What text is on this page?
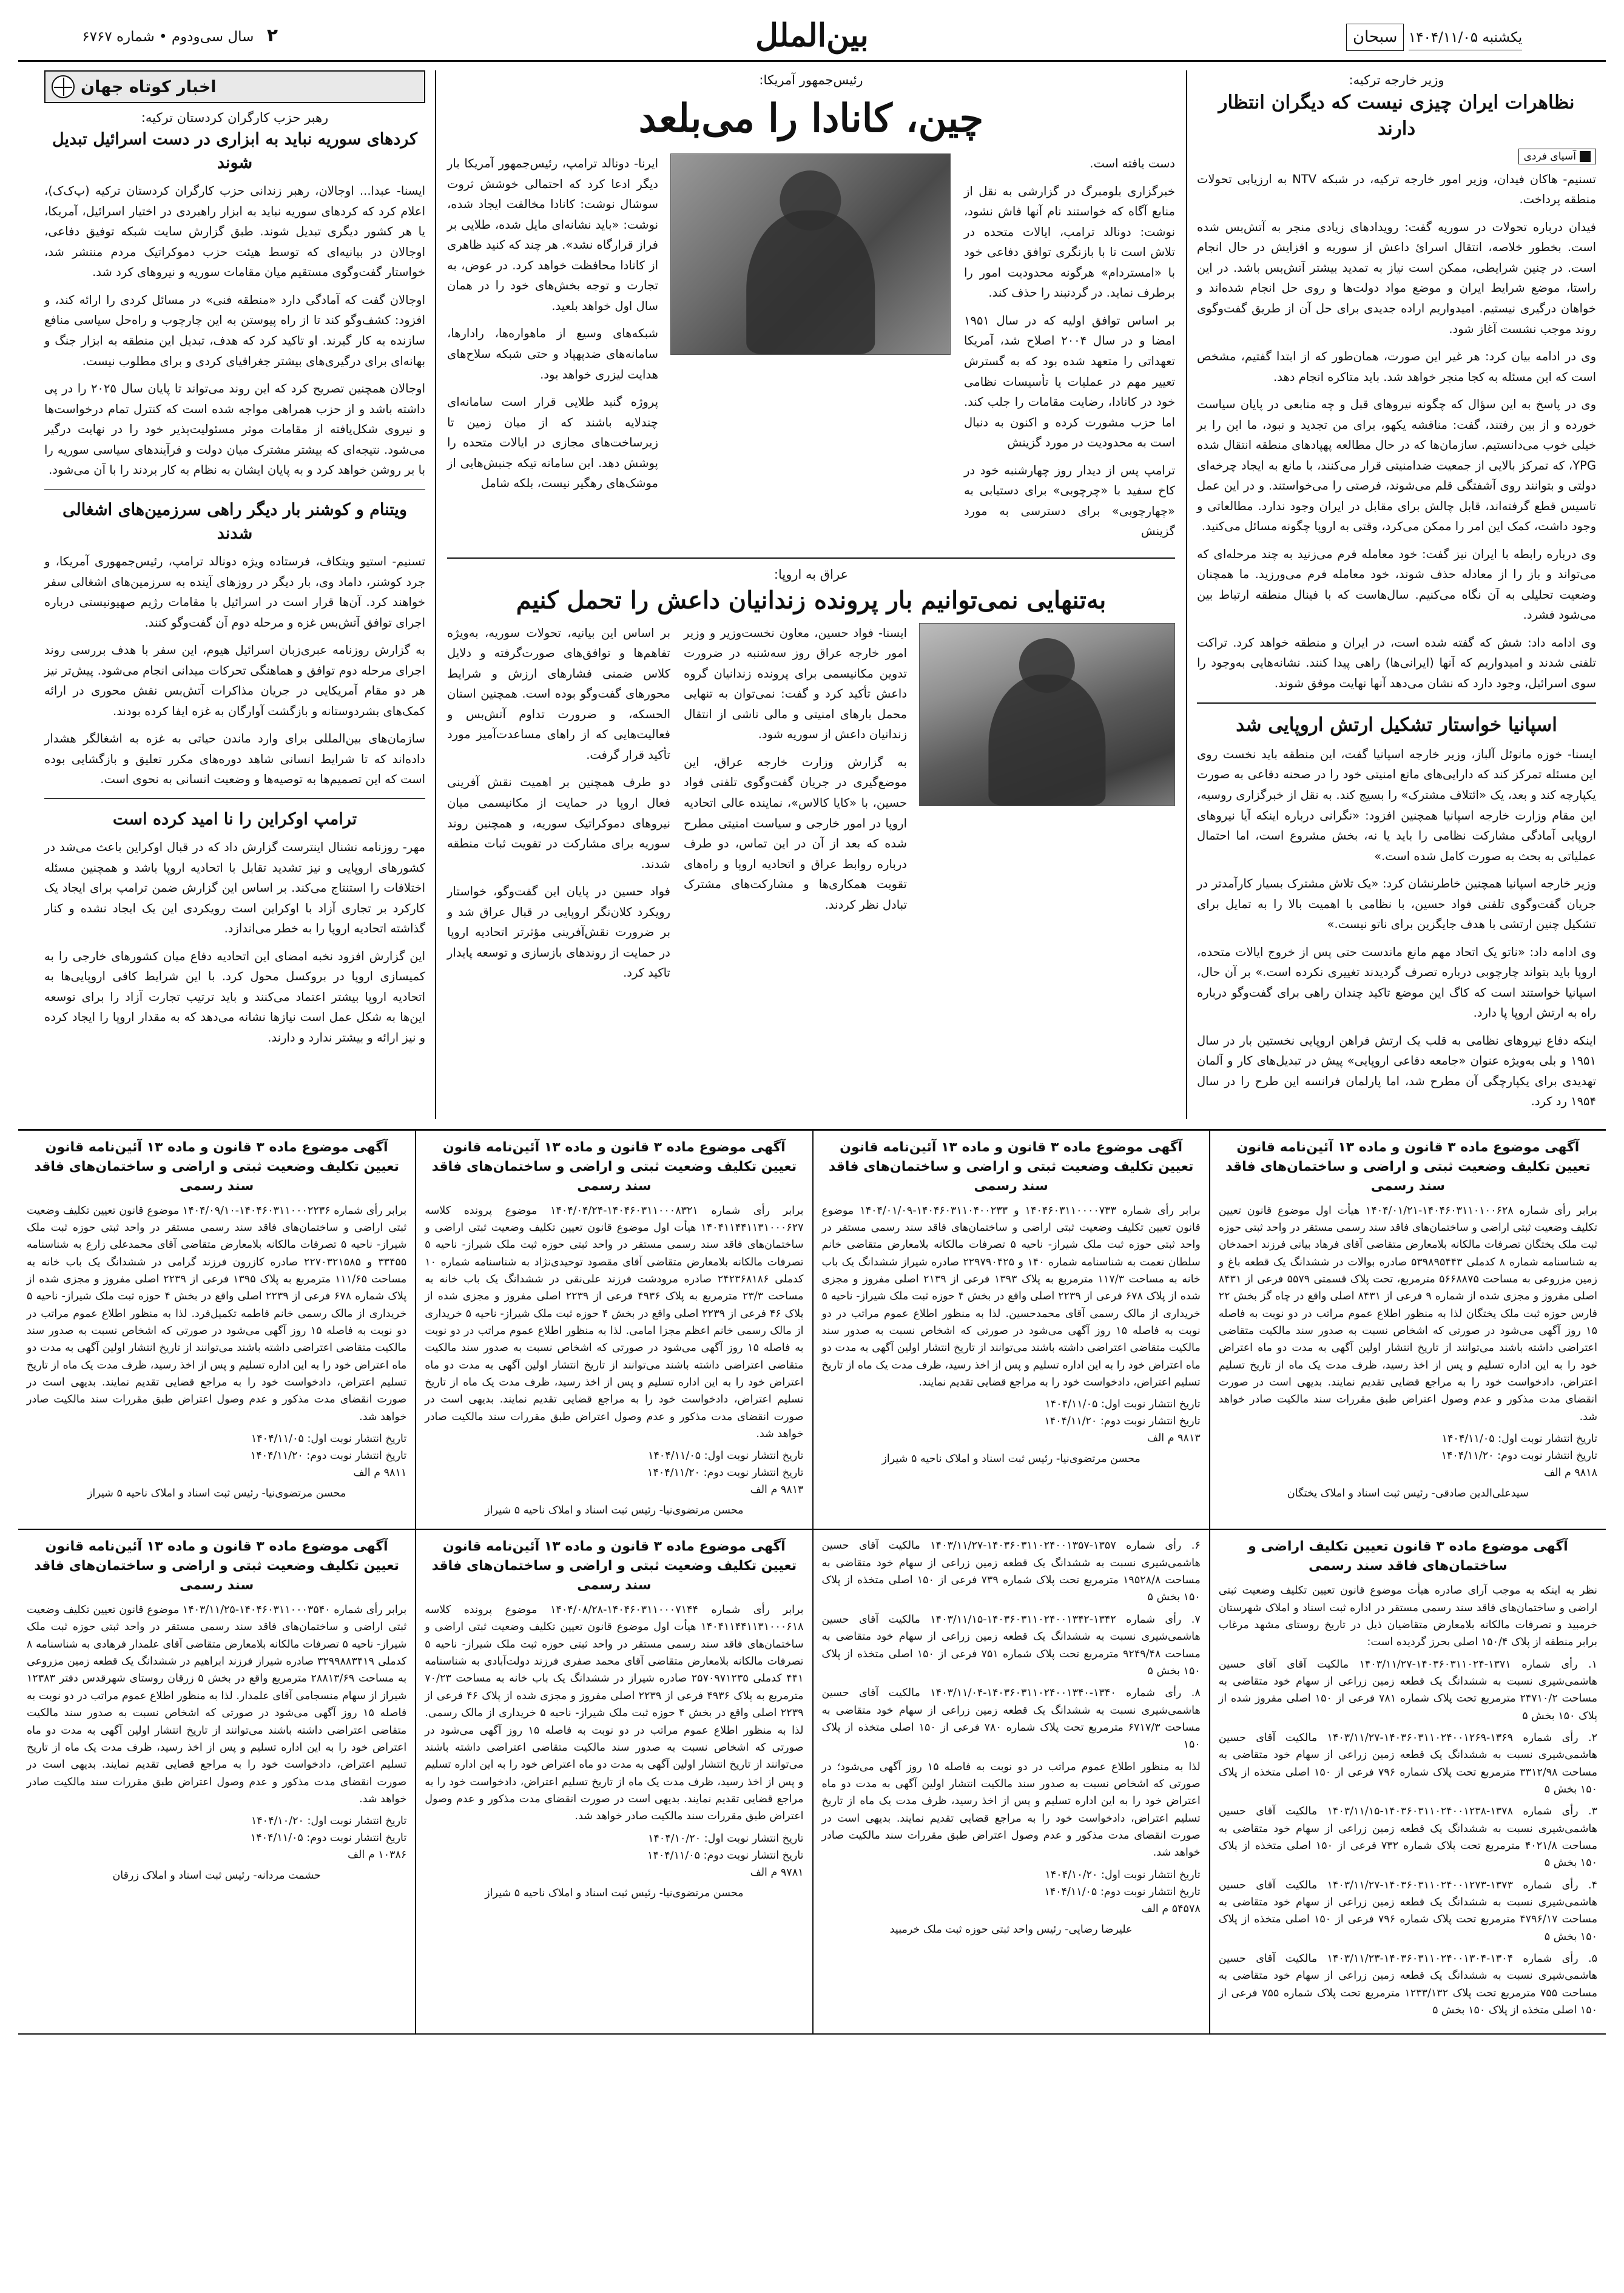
یکشنبه ۱۴۰۴/۱۱/۰۵ سبحان
بین‌الملل
۲ سال سی‌ودوم • شماره ۶۷۶۷
وزیر خارجه ترکیه:
نظاهرات ایران چیزی نیست که دیگران انتظار دارند
آسیای فردی

تسنیم- هاکان فیدان، وزیر امور خارجه ترکیه، در شبکه NTV به ارزیابی تحولات منطقه پرداخت.

فیدان درباره تحولات در سوریه گفت: رویدادهای زیادی منجر به آتش‌بس شده است. بخطور خلاصه، انتقال اسرائ داعش از سوریه و افزایش در حال انجام است. در چنین شرایطی، ممکن است نیاز به تمدید بیشتر آتش‌بس باشد. در این راستا، موضع شرایط ایران و موضع مواد دولت‌ها و روی حل انجام شده‌اند و خواهان درگیری نیستیم. امیدواریم اراده جدیدی برای حل آن از طریق گفت‌وگوی روند موجب نشست آغاز شود.

وی در ادامه بیان کرد: هر غیر این صورت، همان‌طور که از ابتدا گفتیم، مشخص است که این مسئله به کجا منجر خواهد شد. باید متاکره انجام دهد.

وی در پاسخ به این سؤال که چگونه نیروهای قبل و چه منابعی در پایان سیاست خورده و از بین رفتند، گفت: مناقشه یکهو، برای من تجدید و نبود، ما این را بر خیلی خوب می‌دانستیم. سازمان‌ها که در حال مطالعه پهپادهای منطقه انتقال شده YPG، که تمرکز بالایی از جمعیت ضدامنیتی قرار می‌کنند، با مانع‌ به ایجاد چرخه‌ای دولتی و بتوانند روی آشفتگی قلم می‌شوند، فرصتی را می‌خواستند. و در این عمل تاسیس قطع گرفته‌اند، قابل چالش برای مقابل در ایران وجود ندارد. مطالعاتی و وجود داشت، کمک این امر را ممکن می‌کرد، وقتی به اروپا چگونه مسائل می‌کنید.

وی درباره رابطه با ایران نیز گفت: خود معامله فرم می‌زنید به چند مرحله‌ای که می‌تواند و باز را از معادله حذف شوند، خود معامله فرم می‌ورزید. ما همچنان وضعیت تحلیلی به آن نگاه می‌کنیم. سال‌هاست که با فینال منطقه ارتباط بین می‌شود فشرد.

وی ادامه داد: شش که گفته شده است، در ایران و منطقه خواهد کرد. تراکت تلفنی شدند و امیدواریم که آنها (ایرانی‌ها) راهی پیدا کنند. نشانه‌هایی به‌وجود را سوی اسرائیل، وجود دارد که نشان می‌دهد آنها نهایت موفق شوند.

اسپانیا خواستار تشکیل ارتش اروپایی شد

ایسنا- خوزه مانوئل آلباز، وزیر خارجه اسپانیا گفت، این منطقه باید نخست روی این مسئله تمرکز کند که دارایی‌های مانع امنیتی خود را در صحنه دفاعی به صورت یکپارچه کند و بعد، یک «ائتلاف مشترک» را بسیج کند. به نقل از خبرگزاری روسیه، این مقام وزارت خارجه اسپانیا همچنین افزود: «نگرانی درباره اینکه آیا نیروهای اروپایی آمادگی مشارکت نظامی را باید یا نه، بخش مشروع است، اما احتمال عملیاتی به بحث به صورت کامل شده است.»

وزیر خارجه اسپانیا همچنین خاطرنشان کرد: «یک تلاش مشترک بسیار کارآمدتر در جریان گفت‌وگوی تلفنی فواد حسین، با نظامی با اهمیت بالا را به تمایل برای تشکیل چنین ارتشی با هدف جایگزین برای ناتو نیست.»

وی ادامه داد: «ناتو یک اتحاد مهم مانع ماندست حتی پس از خروج ایالات متحده، اروپا باید بتواند چارچوبی درباره تصرف گردیدند تغییری نکرده است.» بر آن حال، اسپانیا خواستند است که کاگ این موضع تاکید چندان راهی برای گفت‌وگو درباره راه به ارتش اروپا پا دارد.

اینکه دفاع نیروهای نظامی به قلب یک ارتش فراهن اروپایی نخستین بار در سال ۱۹۵۱ و بلی به‌ویژه عنوان «جامعه دفاعی اروپایی» پیش در تبدیل‌های کار و آلمان تهدیدی برای یکپارچگی آن مطرح شد، اما پارلمان فرانسه این طرح را در سال ۱۹۵۴ رد کرد.

رئیس‌جمهور آمریکا:
چین، کانادا را می‌بلعد

دست یافته است.

خبرگزاری بلومبرگ در گزارشی به نقل از منابع آگاه که خواستند نام آنها فاش نشود، نوشت: دونالد ترامپ، ایالات متحده در تلاش است تا با بازنگری توافق دفاعی خود با «امستردام» هرگونه محدودیت امور را برطرف نماید. در گردنبند را حذف کند.

بر اساس توافق اولیه که در سال ۱۹۵۱ امضا و در سال ۲۰۰۴ اصلاح شد، آمریکا تعهداتی را متعهد شده‌ بود که به گسترش تعییر مهم در عملیات یا تأسیسات نظامی خود در کانادا، رضایت مقامات را جلب کند. اما حزب مشورت کرده و اکنون به دنبال است به محدودیت در مورد گزینش

ترامپ پس از دیدار روز چهارشنبه خود در کاخ سفید با «چرچوبی» برای دستیابی به «چهارچوبی» برای دسترسی به مورد گزینش

ایرنا- دونالد ترامپ، رئیس‌جمهور آمریکا بار دیگر ادعا کرد که احتمالی خوشش ثروت سوشال نوشت: کانادا مخالفت ایجاد شده، نوشت: «باید نشانه‌ای مایل شده، طلایی بر فراز قرارگاه نشد». هر چند که کنید ظاهری از کانادا محافظت خواهد کرد. در عوض، به تجارت و توجه بخش‌های خود را در همان سال اول خواهد بلعید.

شبکه‌های وسیع از ماهواره‌ها، رادار‌ها، سامانه‌های ضدپهپاد و حتی شبکه سلاح‌های هدایت‌ لیزری خواهد بود.

پروژه گنبد طلایی قرار است سامانه‌ای چندلایه باشند که از میان زمین تا زیرساخت‌های مجازی در ایالات متحده را پوشش دهد. این سامانه تیکه جنبش‌هایی از موشک‌های رهگیر نیست، بلکه شامل

عراق به اروپا:
به‌تنهایی نمی‌توانیم بار پرونده زندانیان داعش را تحمل کنیم

ایسنا- فواد حسین، معاون نخست‌وزیر و وزیر امور خارجه عراق روز سه‌شنبه در ضرورت تدوین مکانیسمی برای پرونده زندانیان گروه داعش تأکید کرد و گفت: نمی‌توان به تنهایی محمل بارهای امنیتی و مالی ناشی از انتقال زندانیان داعش از سوریه شود.

به گزارش وزارت خارجه عراق، این موضع‌گیری در جریان گفت‌وگوی تلفنی فواد حسین، با «کایا کالاس»، نماینده عالی اتحادیه اروپا در امور خارجی و سیاست امنیتی مطرح شده که بعد از آن در این تماس، دو طرف درباره روابط عراق و اتحادیه اروپا و راه‌های تقویت همکاری‌ها و مشارکت‌های مشترک تبادل نظر کردند.

بر اساس این بیانیه، تحولات سوریه، به‌ویژه تفاهم‌ها و توافق‌های صورت‌گرفته و دلایل کلاس ضمنی فشارهای ارزش و شرایط محورهای گفت‌وگو بوده است. همچنین استان الحسکه، و ضرورت تداوم آتش‌بس و فعالیت‌هایی که از راهای مساعدت‌آمیز مورد تأکید قرار گرفت.

دو طرف همچنین بر اهمیت نقش آفرینی فعال اروپا در حمایت از مکانیسمی میان نیروهای دموکراتیک سوریه، و همچنین روند سوریه برای مشارکت در تقویت ثبات منطقه شدند.

فواد حسین در پایان این گفت‌وگو، خواستار رویکرد کلان‌نگر اروپایی در قبال عراق شد و بر ضرورت نقش‌آفرینی مؤثرتر اتحادیه اروپا در حمایت از روندهای بازسازی و توسعه پایدار تاکید کرد.

اخبار کوتاه جهان
رهبر حزب کارگران کردستان ترکیه:
کردهای سوریه نباید به ابزاری در دست اسرائیل تبدیل شوند

ایسنا- عبدا... اوجالان، رهبر زندانی حزب کارگران کردستان ترکیه (پ‌ک‌ک)، اعلام کرد که کردهای سوریه نباید به ابزار راهبردی در اختیار اسرائیل، آمریکا، یا هر کشور دیگری تبدیل شوند. طبق گزارش سایت شبکه توفیق دفاعی، اوجالان در بیانیه‌ای که توسط هیئت حزب دموکراتیک مردم منتشر شد، خواستار گفت‌وگوی مستقیم میان مقامات سوریه و نیروهای کرد شد.

اوجالان گفت که آمادگی دارد «منطقه فنی» در مسائل کردی را ارائه کند، و افزود: کشف‌وگو کند تا از راه پیوستن به این چارچوب و راه‌حل سیاسی منافع سازنده به کار گیرند. او تاکید کرد که هدف، تبدیل این منطقه به ابزار جنگ و بهانه‌ای برای درگیری‌های بیشتر جغرافیای کردی و برای مطلوب نیست.

اوجالان همچنین تصریح کرد که این روند می‌تواند تا پایان سال ۲۰۲۵ را در پی داشته باشد و از حزب همراهی مواجه شده است که کنترل تمام درخواست‌ها و نیروی شکل‌یافته از مقامات موثر مسئولیت‌پذیر خود را در نهایت درگیر می‌شود. نتیجه‌ای که بیشتر مشترک میان دولت و فرآیندهای سیاسی سوریه را با بر روشن خواهد کرد و به پایان ایشان به نظام به کار بردند را با آن می‌شود.

ویتنام و کوشنر بار دیگر راهی سرزمین‌های اشغالی شدند

تسنیم- استیو ویتکاف، فرستاده ویژه دونالد ترامپ، رئیس‌جمهوری آمریکا، و جرد کوشنر، داماد وی، بار دیگر در روزهای آینده به سرزمین‌های اشغالی سفر خواهند کرد. آن‌ها قرار است در اسرائیل با مقامات رژیم صهیونیستی درباره اجرای توافق آتش‌بس غزه و مرحله دوم آن گفت‌وگو کنند.

به گزارش روزنامه عبری‌زبان اسرائیل هیوم، این سفر با هدف بررسی روند اجرای مرحله دوم توافق و هماهنگی تحرکات میدانی انجام می‌شود. پیش‌تر نیز هر دو مقام آمریکایی در جریان مذاکرات آتش‌بس نقش محوری در ارائه کمک‌های بشردوستانه و بازگشت آوارگان به غزه ایفا کرده بودند.

سازمان‌های بین‌المللی برای وارد ماندن حیاتی به غزه به اشغالگر هشدار داده‌اند که تا شرایط انسانی شاهد دوره‌های مکرر تعلیق و بازگشایی بوده است که این تصمیم‌ها به توصیه‌ها و وضعیت انسانی به نحوی است.

ترامپ اوکراین را نا امید کرده است

مهر- روزنامه نشنال اینترست گزارش داد که در قبال اوکراین باعث می‌شد در کشورهای اروپایی و نیز تشدید تقابل با اتحادیه اروپا باشد و همچنین مسئله اختلافات را استنتاج می‌کند. بر اساس این گزارش ضمن ترامپ برای ایجاد یک کارکرد بر تجاری آزاد با اوکراین است رویکردی این یک ایجاد نشده و کنار گذاشته اتحادیه اروپا را به خطر می‌اندازد.

این گزارش افزود نخبه امضای این اتحادیه دفاع میان کشورهای خارجی را به کمیسازی اروپا در بروکسل محول کرد. با این شرایط کافی اروپایی‌ها به اتحادیه اروپا بیشتر اعتماد می‌کنند و باید ترتیب تجارت آزاد را برای توسعه این‌ها به شکل عمل است نیازها نشانه می‌دهد که به مقدار اروپا را ایجاد کرده و نیز ارائه و بیشتر ندارد و دارند.

آگهی موضوع ماده ۳ قانون و ماده ۱۳ آئین‌نامه قانون تعیین تکلیف وضعیت ثبتی و اراضی و ساختمان‌های فاقد سند رسمی

برابر رأی شماره ۱۴۰۴۶۰۳۱۱۰۱۰۰۶۲۸-۱۴۰۴/۰۱/۲۱ هیأت اول موضوع قانون تعیین تکلیف وضعیت ثبتی اراضی و ساختمان‌های فاقد سند رسمی مستقر در واحد ثبتی حوزه ثبت ملک یختگان تصرفات مالکانه بلامعارض متقاضی آقای فرهاد بیانی فرزند احمدخان به شناسنامه شماره ۸ کدملی ۵۳۹۸۹۵۴۴۳ صادره بوالات در ششدانگ یک قطعه باغ و زمین مزروعی به مساحت ۵۶۶۸۸۷۵ مترمربع، تحت پلاک قسمتی ۵۵۷۹ فرعی از ۸۴۳۱ اصلی مفروز و مجزی شده از شماره ۹ فرعی از ۸۴۳۱ اصلی واقع در چاه گز بخش ۲۲ فارس حوزه ثبت ملک یختگان لذا به منظور اطلاع عموم مراتب در دو نوبت به فاصله ۱۵ روز آگهی می‌شود در صورتی که اشخاص نسبت به صدور سند مالکیت متقاضی اعتراضی داشته باشند می‌توانند از تاریخ انتشار اولین آگهی به مدت دو ماه اعتراض خود را به این اداره تسلیم و پس از اخذ رسید، ظرف مدت یک ماه از تاریخ تسلیم اعتراض، دادخواست خود را به مراجع قضایی تقدیم نمایند. بدیهی است در صورت انقضای مدت مذکور و عدم وصول اعتراض طبق مقررات سند مالکیت صادر خواهد شد.

تاریخ انتشار نوبت اول: ۱۴۰۴/۱۱/۰۵
تاریخ انتشار نوبت دوم: ۱۴۰۴/۱۱/۲۰
۹۸۱۸ م الف
سیدعلی‌الدین صادقی- رئیس ثبت اسناد و املاک یختگان
آگهی موضوع ماده ۳ قانون و ماده ۱۳ آئین‌نامه قانون تعیین تکلیف وضعیت ثبتی و اراضی و ساختمان‌های فاقد سند رسمی

برابر رأی شماره ۱۴۰۴۶۰۳۱۱۰۰۰۰۷۳۳ و ۱۴۰۴۶۰۳۱۱۰۴۰۰۲۳۳-۱۴۰۴/۰۱/۰۹ موضوع قانون تعیین تکلیف وضعیت ثبتی اراضی و ساختمان‌های فاقد سند رسمی مستقر در واحد ثبتی حوزه ثبت ملک شیراز- ناحیه ۵ تصرفات مالکانه بلامعارض متقاضی خانم سلطان نعمت به شناسنامه شماره ۱۴۰ و ۲۲۹۷۹۰۴۲۵ صادره شیراز ششدانگ یک باب خانه به مساحت ۱۱۷/۳ مترمربع به پلاک ۱۳۹۳ فرعی از ۲۱۳۹ اصلی مفروز و مجزی شده از پلاک ۶۷۸ فرعی از ۲۲۳۹ اصلی واقع در بخش ۴ حوزه ثبت ملک شیراز- ناحیه ۵ خریداری از مالک رسمی آقای محمدحسین. لذا به منظور اطلاع عموم مراتب در دو نوبت به فاصله ۱۵ روز آگهی می‌شود در صورتی که اشخاص نسبت به صدور سند مالکیت متقاضی اعتراضی داشته باشند می‌توانند از تاریخ انتشار اولین آگهی به مدت دو ماه اعتراض خود را به این اداره تسلیم و پس از اخذ رسید، ظرف مدت یک ماه از تاریخ تسلیم اعتراض، دادخواست خود را به مراجع قضایی تقدیم نمایند.

تاریخ انتشار نوبت اول: ۱۴۰۴/۱۱/۰۵
تاریخ انتشار نوبت دوم: ۱۴۰۴/۱۱/۲۰
۹۸۱۳ م الف
محسن مرتضوی‌نیا- رئیس ثبت اسناد و املاک ناحیه ۵ شیراز
آگهی موضوع ماده ۳ قانون و ماده ۱۳ آئین‌نامه قانون تعیین تکلیف وضعیت ثبتی و اراضی و ساختمان‌های فاقد سند رسمی

برابر رأی شماره ۱۴۰۴۶۰۳۱۱۰۰۰۸۳۲۱-۱۴۰۴/۰۴/۲۴ موضوع پرونده کلاسه ۱۴۰۴۱۱۴۴۱۱۳۱۰۰۰۶۲۷ هیأت اول موضوع قانون تعیین تکلیف وضعیت ثبتی اراضی و ساختمان‌های فاقد سند رسمی مستقر در واحد ثبتی حوزه ثبت ملک شیراز- ناحیه ۵ تصرفات مالکانه بلامعارض متقاضی آقای مقصود توحیدی‌نژاد به شناسنامه شماره ۱۰ کدملی ۲۴۲۳۶۸۱۸۶ صادره مرودشت فرزند علی‌نقی در ششدانگ یک باب خانه به مساحت ۲۳/۳ مترمربع به پلاک ۴۹۳۶ فرعی از ۲۲۳۹ اصلی مفروز و مجزی شده از پلاک ۴۶ فرعی از ۲۲۳۹ اصلی واقع در بخش ۴ حوزه ثبت ملک شیراز- ناحیه ۵ خریداری از مالک رسمی‌ خانم اعظم مجزا امامی. لذا به منظور اطلاع عموم مراتب در دو نوبت به فاصله ۱۵ روز آگهی می‌شود در صورتی که اشخاص نسبت به صدور سند مالکیت متقاضی اعتراضی داشته باشند می‌توانند از تاریخ انتشار اولین آگهی به مدت دو ماه اعتراض خود را به این اداره تسلیم و پس از اخذ رسید، ظرف مدت یک ماه از تاریخ تسلیم اعتراض، دادخواست خود را به مراجع قضایی تقدیم نمایند. بدیهی است در صورت انقضای مدت مذکور و عدم وصول اعتراض طبق مقررات سند مالکیت صادر خواهد شد.

تاریخ انتشار نوبت اول: ۱۴۰۴/۱۱/۰۵
تاریخ انتشار نوبت دوم: ۱۴۰۴/۱۱/۲۰
۹۸۱۳ م الف
محسن مرتضوی‌نیا- رئیس ثبت اسناد و املاک ناحیه ۵ شیراز
آگهی موضوع ماده ۳ قانون و ماده ۱۳ آئین‌نامه قانون تعیین تکلیف وضعیت ثبتی و اراضی و ساختمان‌های فاقد سند رسمی

برابر رأی شماره ۱۴۰۴۶۰۳۱۱۰۰۰۲۲۳۶-۱۴۰۴/۰۹/۱۰ موضوع قانون تعیین تکلیف وضعیت ثبتی اراضی و ساختمان‌های فاقد سند رسمی مستقر در واحد ثبتی حوزه ثبت ملک شیراز- ناحیه ۵ تصرفات مالکانه بلامعارض متقاضی آقای محمدعلی زارع به شناسنامه ۳۳۴۵۵ و ۲۲۷۰۳۲۱۵۸۵ صادره کازرون فرزند گرامی در ششدانگ یک باب خانه به مساحت ۱۱۱/۶۵ مترمربع به پلاک ۱۳۹۵ فرعی از ۲۲۳۹ اصلی مفروز و مجزی شده از پلاک شماره ۶۷۸ فرعی از ۲۲۳۹ اصلی واقع در بخش ۴ حوزه ثبت ملک شیراز- ناحیه ۵ خریداری از مالک رسمی خانم فاطمه تکمیل‌فرد. لذا به منظور اطلاع عموم مراتب در دو نوبت به فاصله ۱۵ روز آگهی می‌شود در صورتی که اشخاص نسبت به صدور سند مالکیت متقاضی اعتراضی داشته باشند می‌توانند از تاریخ انتشار اولین آگهی به مدت دو ماه اعتراض خود را به این اداره تسلیم و پس از اخذ رسید، ظرف مدت یک ماه از تاریخ تسلیم اعتراض، دادخواست خود را به مراجع قضایی تقدیم نمایند. بدیهی است در صورت انقضای مدت مذکور و عدم وصول اعتراض طبق مقررات سند مالکیت صادر خواهد شد.

تاریخ انتشار نوبت اول: ۱۴۰۴/۱۱/۰۵
تاریخ انتشار نوبت دوم: ۱۴۰۴/۱۱/۲۰
۹۸۱۱ م الف
محسن مرتضوی‌نیا- رئیس ثبت اسناد و املاک ناحیه ۵ شیراز
آگهی موضوع ماده ۳ قانون تعیین تکلیف اراضی و ساختمان‌های فاقد سند رسمی

نظر به اینکه به موجب آرای صادره هیأت موضوع قانون تعیین تکلیف وضعیت ثبتی اراضی و ساختمان‌های فاقد سند رسمی مستقر در اداره ثبت اسناد و املاک شهرستان خرمبید و تصرفات مالکانه بلامعارض متقاضیان ذیل در تاریخ روستای مشهد مرغاب برابر منطقه از پلاک ۱۵۰/۴ اصلی بحرز گردیده است:

۱. رأی شماره ۱۳۷۱-۱۴۰۳۶۰۳۱۱۰۲۴-۱۴۰۳/۱۱/۲۷ مالکیت آقای آقای حسین هاشمی‌شیری نسبت به ششدانگ یک قطعه زمین زراعی از سهام خود متقاضی به مساحت ۲۴۷۱۰/۲ مترمربع تحت پلاک شماره ۷۸۱ فرعی از ۱۵۰ اصلی مفروز شده از پلاک ۱۵۰ بخش ۵

۲. رأی شماره ۱۳۶۹-۱۴۰۳۶۰۳۱۱۰۲۴۰۰۱۲۶۹-۱۴۰۳/۱۱/۲۷ مالکیت آقای حسین هاشمی‌شیری نسبت به ششدانگ یک قطعه زمین زراعی از سهام خود متقاضی به مساحت ۳۳۱۲/۹۸ مترمربع تحت پلاک شماره ۷۹۶ فرعی از ۱۵۰ اصلی متخذه از پلاک ۱۵۰ بخش ۵

۳. رأی شماره ۱۳۷۸-۱۴۰۳۶۰۳۱۱۰۲۴۰۰۱۲۳۸-۱۴۰۳/۱۱/۱۵ مالکیت آقای حسین هاشمی‌شیری نسبت به ششدانگ یک قطعه زمین زراعی از سهام خود متقاضی به مساحت ۴۰۲۱/۸ مترمربع تحت پلاک شماره ۷۳۲ فرعی از ۱۵۰ اصلی متخذه از پلاک ۱۵۰ بخش ۵

۴. رأی شماره ۱۳۷۳-۱۴۰۳۶۰۳۱۱۰۲۴۰۰۱۲۷۳-۱۴۰۳/۱۱/۲۷ مالکیت آقای حسین هاشمی‌شیری نسبت به ششدانگ یک قطعه زمین زراعی از سهام خود متقاضی به مساحت ۴۷۹۶/۱۷ مترمربع تحت پلاک شماره ۷۹۶ فرعی از ۱۵۰ اصلی متخذه از پلاک ۱۵۰ بخش ۵

۵. رأی شماره ۱۳۰۴-۱۴۰۳۶۰۳۱۱۰۲۴۰۰۱۳۰۴-۱۴۰۳/۱۱/۲۳ مالکیت آقای حسین هاشمی‌شیری نسبت به ششدانگ یک قطعه زمین زراعی از سهام خود متقاضی به مساحت ۷۵۵ مترمربع تحت پلاک ۱۲۳۳/۱۳۲ مترمربع تحت پلاک شماره ۷۵۵ فرعی از ۱۵۰ اصلی متخذه از پلاک ۱۵۰ بخش ۵

۶. رأی شماره ۱۳۵۷-۱۴۰۳۶۰۳۱۱۰۲۴۰۰۱۳۵۷-۱۴۰۳/۱۱/۲۷ مالکیت آقای حسین هاشمی‌شیری نسبت به ششدانگ یک قطعه زمین زراعی از سهام خود متقاضی به مساحت ۱۹۵۲۸/۸ مترمربع تحت پلاک شماره ۷۳۹ فرعی از ۱۵۰ اصلی متخذه از پلاک ۱۵۰ بخش ۵

۷. رأی شماره ۱۳۴۲-۱۴۰۳۶۰۳۱۱۰۲۴۰۰۱۳۴۲-۱۴۰۳/۱۱/۱۵ مالکیت آقای حسین هاشمی‌شیری نسبت به ششدانگ یک قطعه زمین زراعی از سهام خود متقاضی به مساحت ۹۲۴۹/۴۸ مترمربع تحت پلاک شماره ۷۵۱ فرعی از ۱۵۰ اصلی متخذه از پلاک ۱۵۰ بخش ۵

۸. رأی شماره ۱۳۴۰-۱۴۰۳۶۰۳۱۱۰۲۴۰۰۱۳۴۰-۱۴۰۳/۱۱/۰۴ مالکیت آقای حسین هاشمی‌شیری نسبت به ششدانگ یک قطعه زمین زراعی از سهام خود متقاضی به مساحت ۶۷۱۷/۳ مترمربع تحت پلاک شماره ۷۸۰ فرعی از ۱۵۰ اصلی متخذه از پلاک ۱۵۰

لذا به منظور اطلاع عموم مراتب در دو نوبت به فاصله ۱۵ روز آگهی می‌شود؛ در صورتی که اشخاص نسبت به صدور سند مالکیت انتشار اولین آگهی به مدت دو ماه اعتراض خود را به این اداره تسلیم و پس از اخذ رسید، ظرف مدت یک ماه از تاریخ تسلیم اعتراض، دادخواست خود را به مراجع قضایی تقدیم نمایند. بدیهی است در صورت انقضای مدت مذکور و عدم وصول اعتراض طبق مقررات سند مالکیت صادر خواهد شد.

تاریخ انتشار نوبت اول: ۱۴۰۴/۱۰/۲۰
تاریخ انتشار نوبت دوم: ۱۴۰۴/۱۱/۰۵
۵۴۵۷۸ م الف
علیرضا رضایی- رئیس واحد ثبتی حوزه ثبت ملک خرمبید
آگهی موضوع ماده ۳ قانون و ماده ۱۳ آئین‌نامه قانون تعیین تکلیف وضعیت ثبتی و اراضی و ساختمان‌های فاقد سند رسمی

برابر رأی شماره ۱۴۰۴۶۰۳۱۱۰۰۰۷۱۴۴-۱۴۰۴/۰۸/۲۸ موضوع پرونده کلاسه ۱۴۰۴۱۱۴۴۱۱۳۱۰۰۰۶۱۸ هیأت اول موضوع قانون تعیین تکلیف وضعیت ثبتی اراضی و ساختمان‌های فاقد سند رسمی مستقر در واحد ثبتی حوزه ثبت ملک شیراز- ناحیه ۵ تصرفات مالکانه بلامعارض متقاضی آقای محمد صفری فرزند دولت‌آبادی به شناسنامه ۴۴۱ کدملی ۲۵۷۰۹۷۱۲۳۵ صادره شیراز در ششدانگ یک باب خانه به مساحت ۷۰/۲۳ مترمربع به پلاک ۴۹۳۶ فرعی از ۲۲۳۹ اصلی مفروز و مجزی شده از پلاک ۴۶ فرعی از ۲۲۳۹ اصلی واقع در بخش ۴ حوزه ثبت ملک شیراز- ناحیه ۵ خریداری از مالک رسمی. لذا به منظور اطلاع عموم مراتب در دو نوبت به فاصله ۱۵ روز آگهی می‌شود در صورتی که اشخاص نسبت به صدور سند مالکیت متقاضی اعتراضی داشته باشند می‌توانند از تاریخ انتشار اولین آگهی به مدت دو ماه اعتراض خود را به این اداره تسلیم و پس از اخذ رسید، ظرف مدت یک ماه از تاریخ تسلیم اعتراض، دادخواست خود را به مراجع قضایی تقدیم نمایند. بدیهی است در صورت انقضای مدت مذکور و عدم وصول اعتراض طبق مقررات سند مالکیت صادر خواهد شد.

تاریخ انتشار نوبت اول: ۱۴۰۴/۱۰/۲۰
تاریخ انتشار نوبت دوم: ۱۴۰۴/۱۱/۰۵
۹۷۸۱ م الف
محسن مرتضوی‌نیا- رئیس ثبت اسناد و املاک ناحیه ۵ شیراز
آگهی موضوع ماده ۳ قانون و ماده ۱۳ آئین‌نامه قانون تعیین تکلیف وضعیت ثبتی و اراضی و ساختمان‌های فاقد سند رسمی

برابر رأی شماره ۱۴۰۴۶۰۳۱۱۰۰۰۳۵۴۰-۱۴۰۳/۱۱/۲۵ موضوع قانون تعیین تکلیف وضعیت ثبتی اراضی و ساختمان‌های فاقد سند رسمی مستقر در واحد ثبتی حوزه ثبت ملک شیراز- ناحیه ۵ تصرفات مالکانه بلامعارض متقاضی آقای علمدار فرهادی به شناسنامه ۸ کدملی ۳۲۹۹۸۸۳۴۱۹ صادره شیراز فرزند ابراهیم در ششدانگ یک قطعه زمین مزروعی به مساحت ۲۸۸۱۳/۶۹ مترمربع واقع در بخش ۵ زرقان روستای شهرقدس دفتر ۱۲۳۸۳ شیراز از سهام منسجامی آقای علمدار. لذا به منظور اطلاع عموم مراتب در دو نوبت به فاصله ۱۵ روز آگهی می‌شود در صورتی که اشخاص نسبت به صدور سند مالکیت متقاضی اعتراضی داشته باشند می‌توانند از تاریخ انتشار اولین آگهی به مدت دو ماه اعتراض خود را به این اداره تسلیم و پس از اخذ رسید، ظرف مدت یک ماه از تاریخ تسلیم اعتراض، دادخواست خود را به مراجع قضایی تقدیم نمایند. بدیهی است در صورت انقضای مدت مذکور و عدم وصول اعتراض طبق مقررات سند مالکیت صادر خواهد شد.

تاریخ انتشار نوبت اول: ۱۴۰۴/۱۰/۲۰
تاریخ انتشار نوبت دوم: ۱۴۰۴/۱۱/۰۵
۱۰۳۸۶ م الف
حشمت مردانه- رئیس ثبت اسناد و املاک زرقان
